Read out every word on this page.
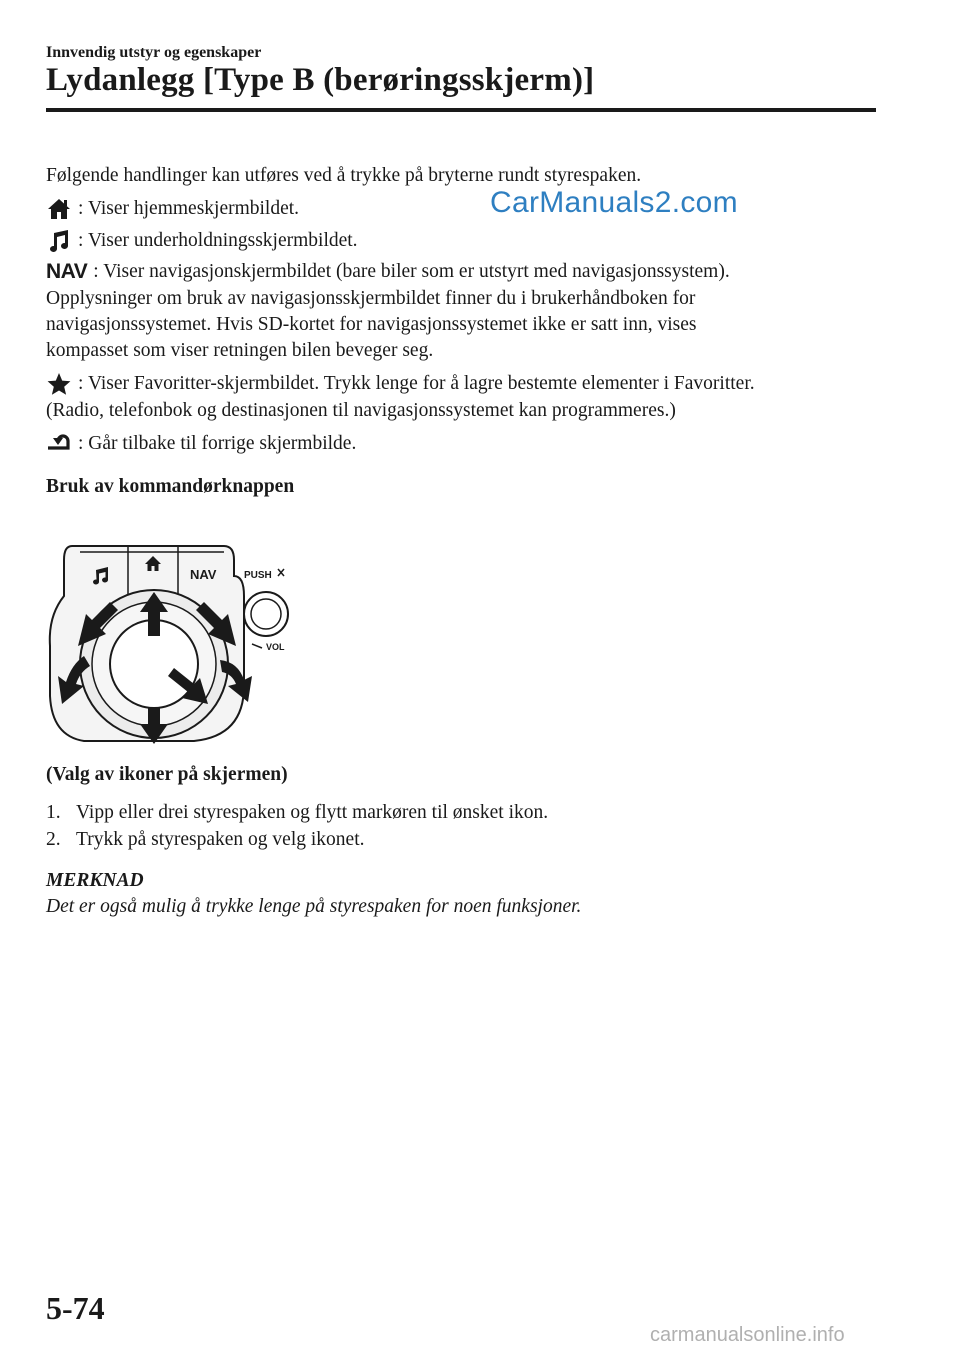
Innvendig utstyr og egenskaper
Lydanlegg [Type B (berøringsskjerm)]
CarManuals2.com
Følgende handlinger kan utføres ved å trykke på bryterne rundt styrespaken.
: Viser hjemmeskjermbildet.
: Viser underholdningsskjermbildet.
NAV : Viser navigasjonskjermbildet (bare biler som er utstyrt med navigasjonssystem).
Opplysninger om bruk av navigasjonsskjermbildet finner du i brukerhåndboken for
navigasjonssystemet. Hvis SD-kortet for navigasjonssystemet ikke er satt inn, vises
kompasset som viser retningen bilen beveger seg.
: Viser Favoritter-skjermbildet. Trykk lenge for å lagre bestemte elementer i Favoritter.
(Radio, telefonbok og destinasjonen til navigasjonssystemet kan programmeres.)
: Går tilbake til forrige skjermbilde.
Bruk av kommandørknappen
NAV	PUSH
VOL
(Valg av ikoner på skjermen)
1. Vipp eller drei styrespaken og flytt markøren til ønsket ikon.
2. Trykk på styrespaken og velg ikonet.
MERKNAD
Det er også mulig å trykke lenge på styrespaken for noen funksjoner.
5-74
carmanualsonline.info
